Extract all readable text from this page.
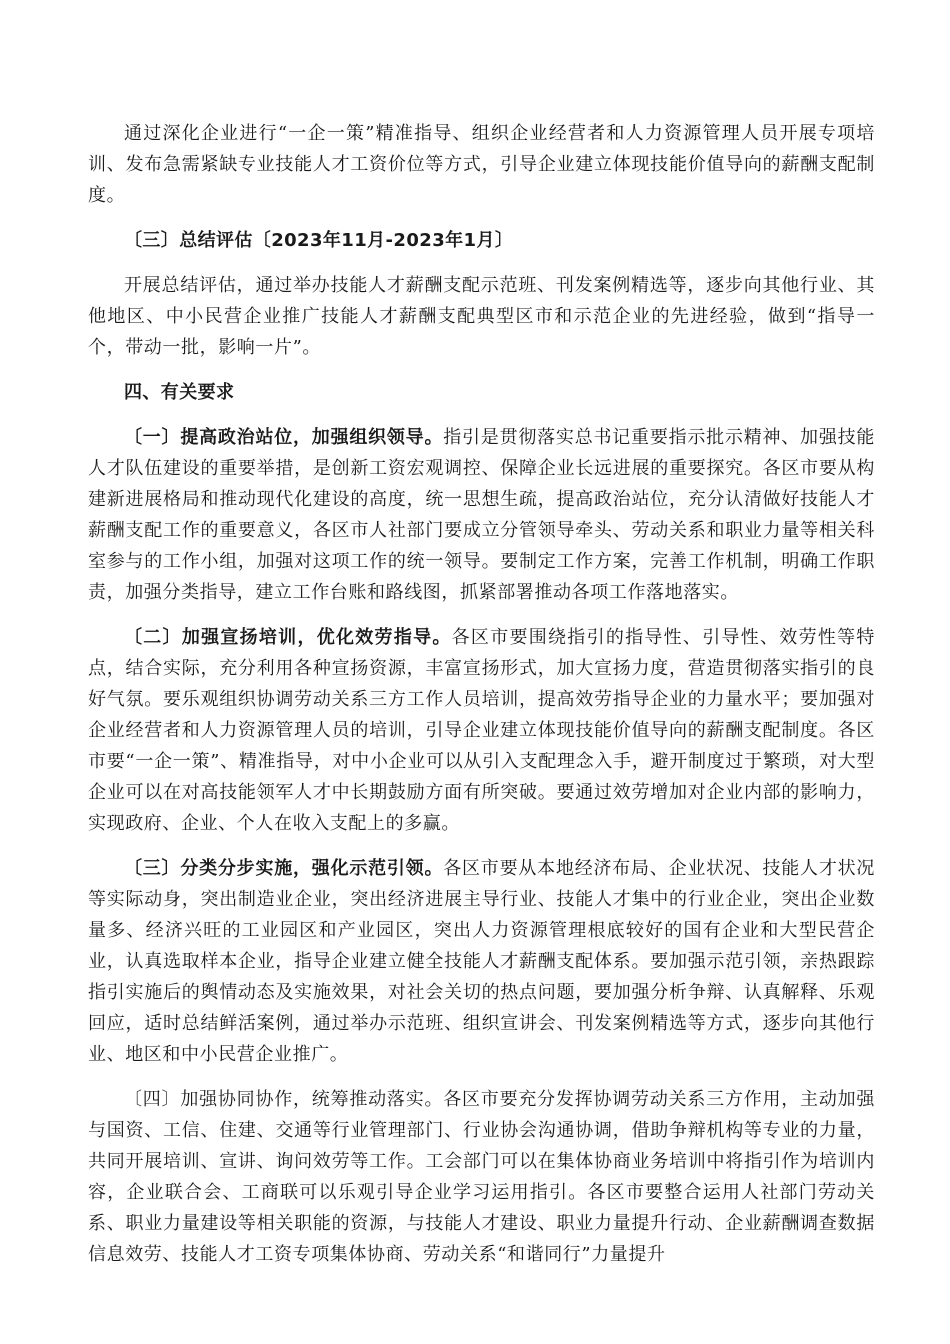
通过深化企业进行“一企一策”精准指导、组织企业经营者和人力资源管理人员开展专项培训、发布急需紧缺专业技能人才工资价位等方式，引导企业建立体现技能价值导向的薪酬支配制度。

〔三〕总结评估〔2023年11月-2023年1月〕

开展总结评估，通过举办技能人才薪酬支配示范班、刊发案例精选等，逐步向其他行业、其他地区、中小民营企业推广技能人才薪酬支配典型区市和示范企业的先进经验，做到“指导一个，带动一批，影响一片”。

四、有关要求

〔一〕提高政治站位，加强组织领导。指引是贯彻落实总书记重要指示批示精神、加强技能人才队伍建设的重要举措，是创新工资宏观调控、保障企业长远进展的重要探究。各区市要从构建新进展格局和推动现代化建设的高度，统一思想生疏，提高政治站位，充分认清做好技能人才薪酬支配工作的重要意义，各区市人社部门要成立分管领导牵头、劳动关系和职业力量等相关科室参与的工作小组，加强对这项工作的统一领导。要制定工作方案，完善工作机制，明确工作职责，加强分类指导，建立工作台账和路线图，抓紧部署推动各项工作落地落实。

〔二〕加强宣扬培训，优化效劳指导。各区市要围绕指引的指导性、引导性、效劳性等特点，结合实际，充分利用各种宣扬资源，丰富宣扬形式，加大宣扬力度，营造贯彻落实指引的良好气氛。要乐观组织协调劳动关系三方工作人员培训，提高效劳指导企业的力量水平；要加强对企业经营者和人力资源管理人员的培训，引导企业建立体现技能价值导向的薪酬支配制度。各区市要“一企一策”、精准指导，对中小企业可以从引入支配理念入手，避开制度过于繁琐，对大型企业可以在对高技能领军人才中长期鼓励方面有所突破。要通过效劳增加对企业内部的影响力，实现政府、企业、个人在收入支配上的多赢。

〔三〕分类分步实施，强化示范引领。各区市要从本地经济布局、企业状况、技能人才状况等实际动身，突出制造业企业，突出经济进展主导行业、技能人才集中的行业企业，突出企业数量多、经济兴旺的工业园区和产业园区，突出人力资源管理根底较好的国有企业和大型民营企业，认真选取样本企业，指导企业建立健全技能人才薪酬支配体系。要加强示范引领，亲热跟踪指引实施后的舆情动态及实施效果，对社会关切的热点问题，要加强分析争辩、认真解释、乐观回应，适时总结鲜活案例，通过举办示范班、组织宣讲会、刊发案例精选等方式，逐步向其他行业、地区和中小民营企业推广。

〔四〕加强协同协作，统筹推动落实。各区市要充分发挥协调劳动关系三方作用，主动加强与国资、工信、住建、交通等行业管理部门、行业协会沟通协调，借助争辩机构等专业的力量，共同开展培训、宣讲、询问效劳等工作。工会部门可以在集体协商业务培训中将指引作为培训内容，企业联合会、工商联可以乐观引导企业学习运用指引。各区市要整合运用人社部门劳动关系、职业力量建设等相关职能的资源，与技能人才建设、职业力量提升行动、企业薪酬调查数据信息效劳、技能人才工资专项集体协商、劳动关系“和谐同行”力量提升
